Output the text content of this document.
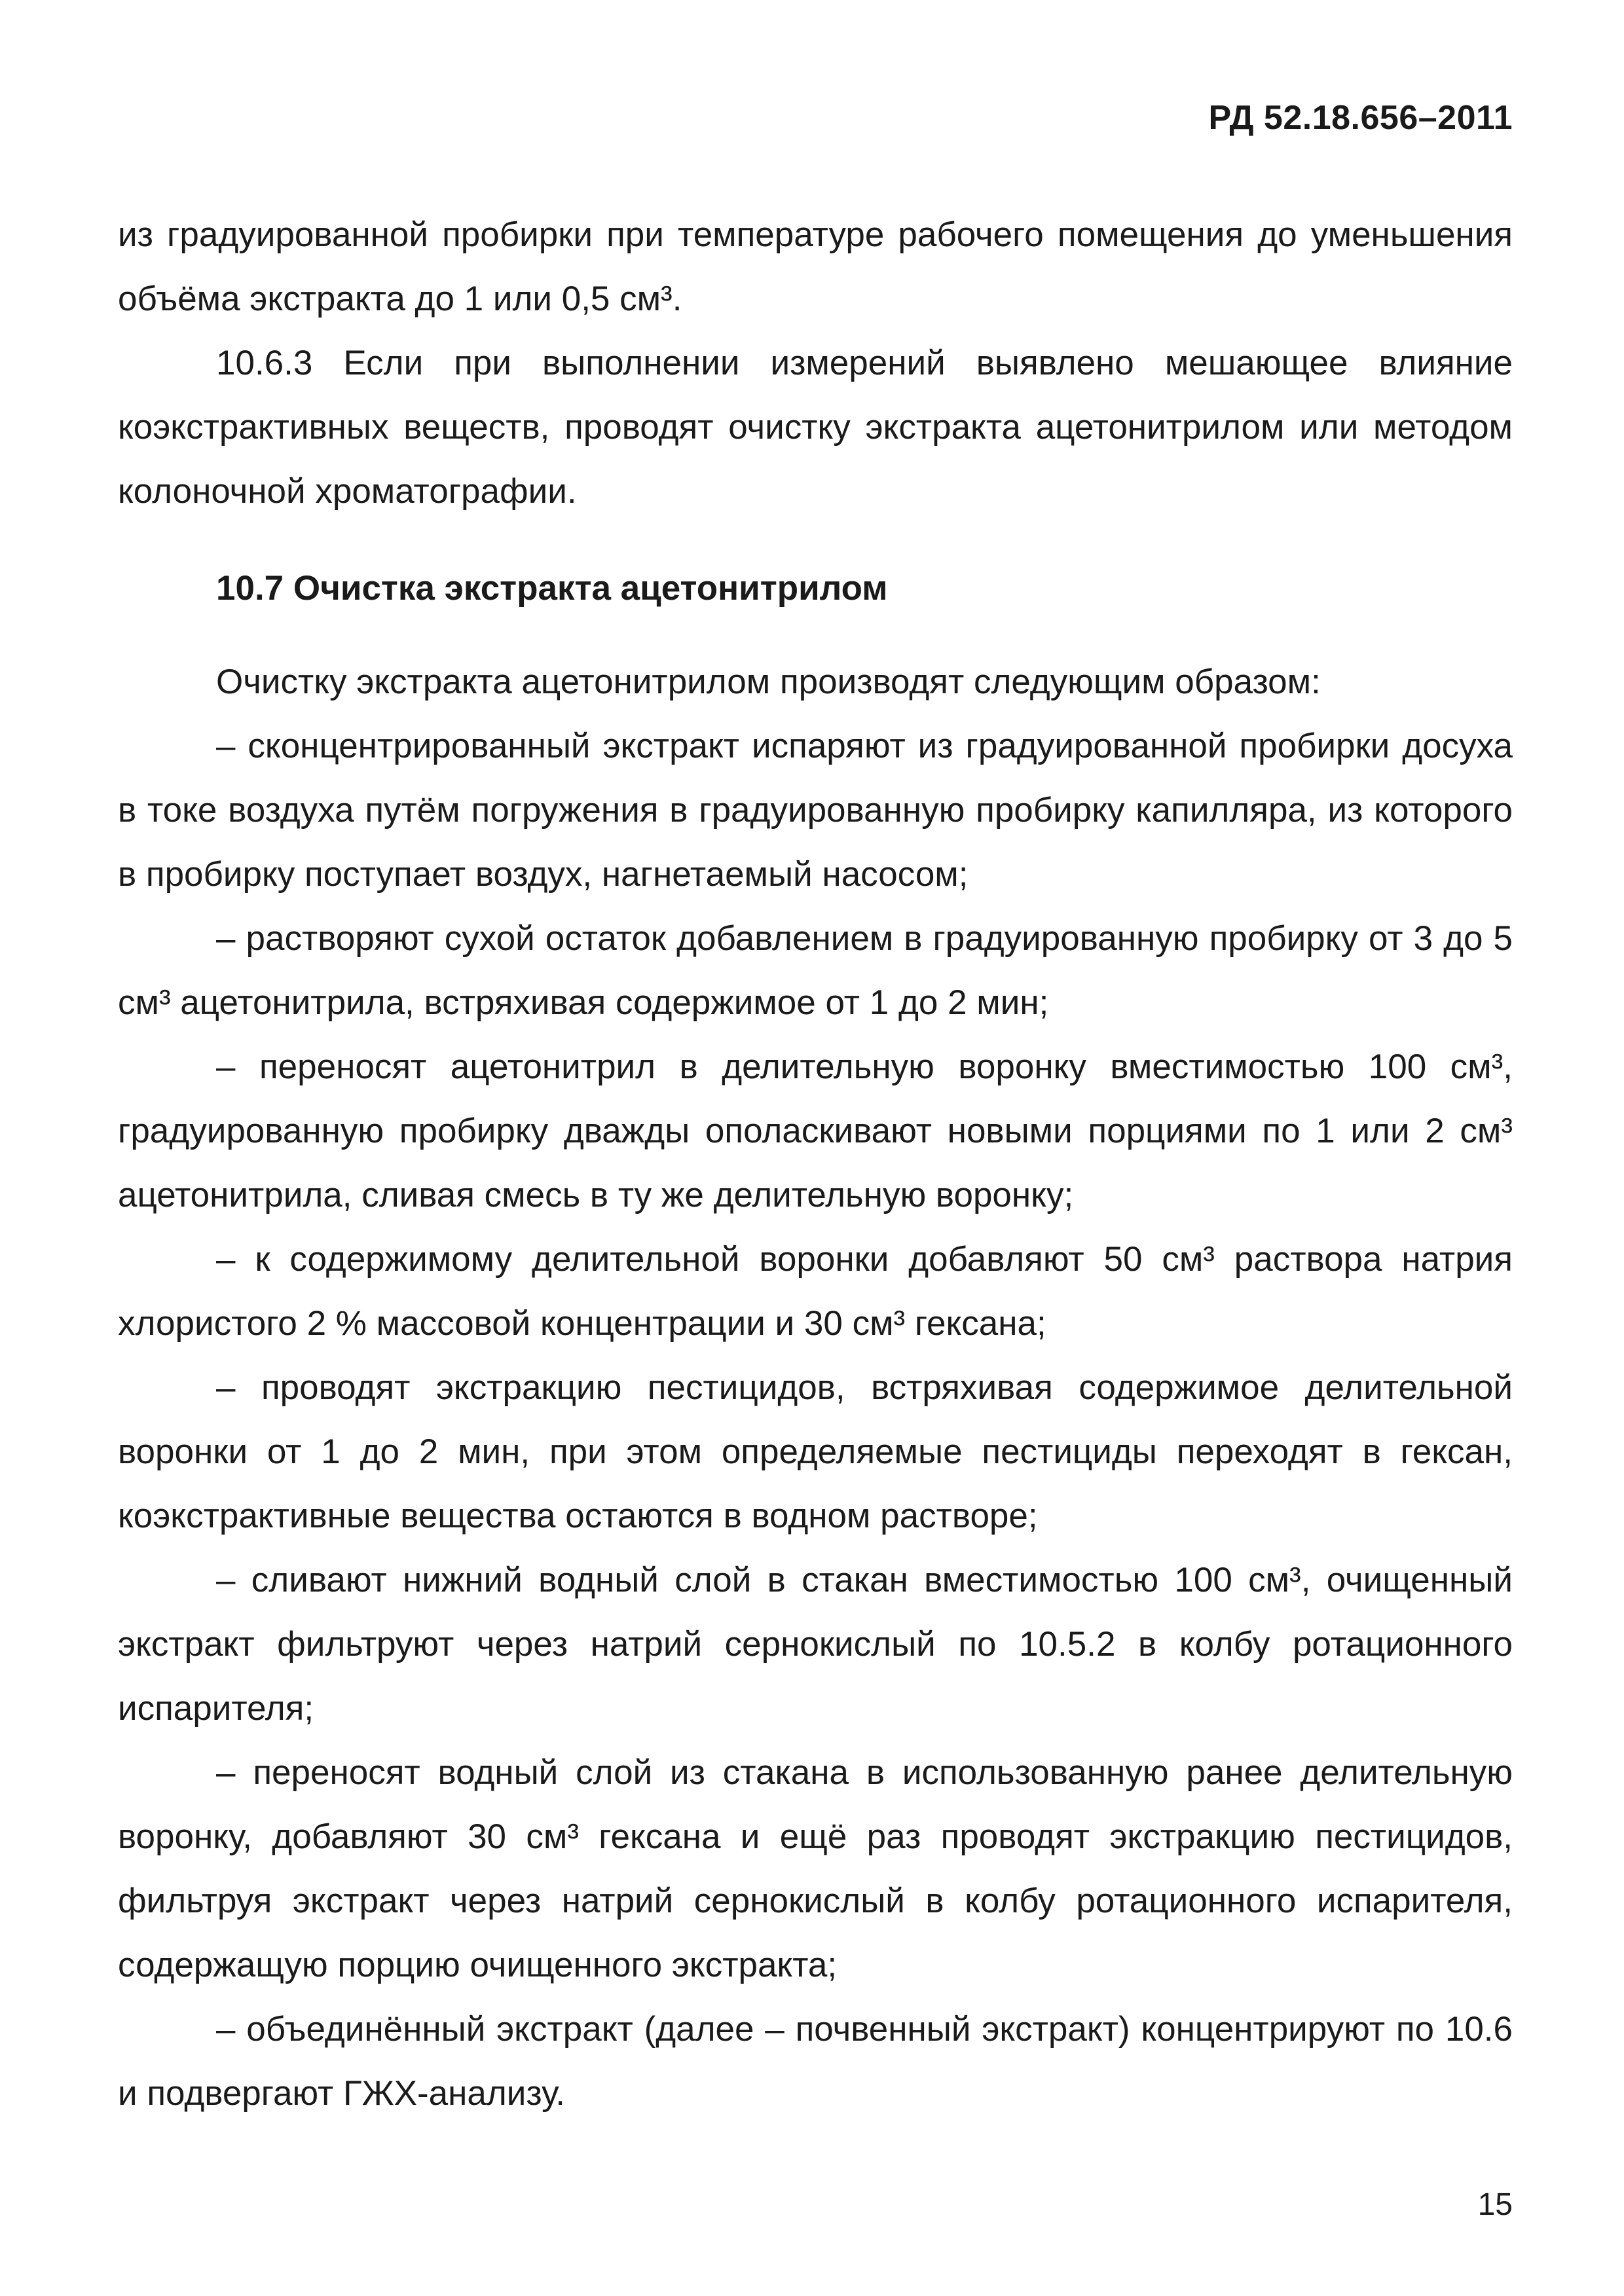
РД 52.18.656–2011

из градуированной пробирки при температуре рабочего помещения до уменьшения объёма экстракта до 1 или 0,5 см³.

10.6.3 Если при выполнении измерений выявлено мешающее влияние коэкстрактивных веществ, проводят очистку экстракта ацетонитрилом или методом колоночной хроматографии.

10.7 Очистка экстракта ацетонитрилом

Очистку экстракта ацетонитрилом производят следующим образом:

– сконцентрированный экстракт испаряют из градуированной пробирки досуха в токе воздуха путём погружения в градуированную пробирку капилляра, из которого в пробирку поступает воздух, нагнетаемый насосом;

– растворяют сухой остаток добавлением в градуированную пробирку от 3 до 5 см³ ацетонитрила, встряхивая содержимое от 1 до 2 мин;

– переносят ацетонитрил в делительную воронку вместимостью 100 см³, градуированную пробирку дважды ополаскивают новыми порциями по 1 или 2 см³ ацетонитрила, сливая смесь в ту же делительную воронку;

– к содержимому делительной воронки добавляют 50 см³ раствора натрия хлористого 2 % массовой концентрации и 30 см³ гексана;

– проводят экстракцию пестицидов, встряхивая содержимое делительной воронки от 1 до 2 мин, при этом определяемые пестициды переходят в гексан, коэкстрактивные вещества остаются в водном растворе;

– сливают нижний водный слой в стакан вместимостью 100 см³, очищенный экстракт фильтруют через натрий сернокислый по 10.5.2 в колбу ротационного испарителя;

– переносят водный слой из стакана в использованную ранее делительную воронку, добавляют 30 см³ гексана и ещё раз проводят экстракцию пестицидов, фильтруя экстракт через натрий сернокислый в колбу ротационного испарителя, содержащую порцию очищенного экстракта;

– объединённый экстракт (далее – почвенный экстракт) концентрируют по 10.6 и подвергают ГЖХ-анализу.

15
